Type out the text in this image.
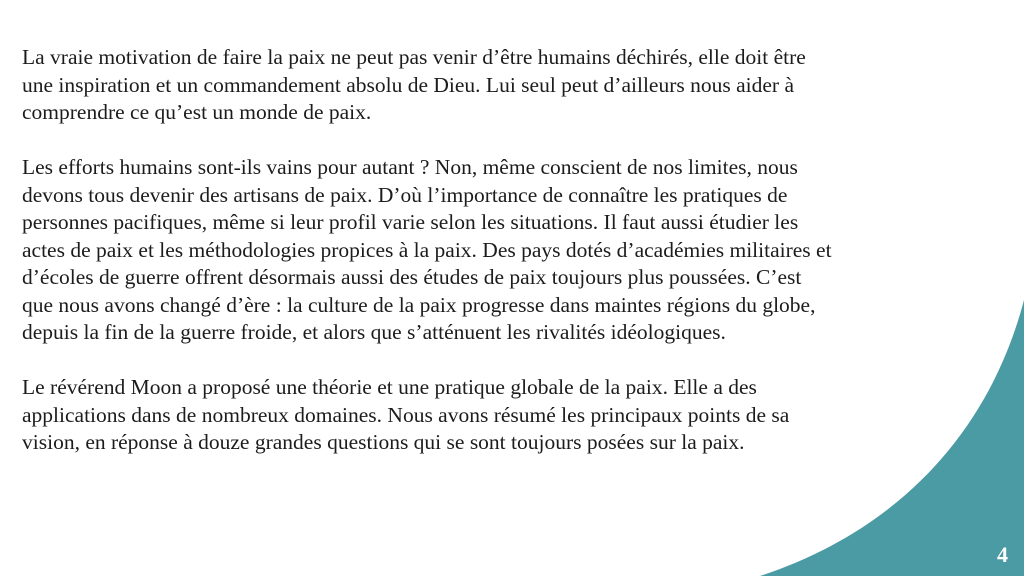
La vraie motivation de faire la paix ne peut pas venir d’être humains déchirés, elle doit être
une inspiration et un commandement absolu de Dieu. Lui seul peut d’ailleurs nous aider à
comprendre ce qu’est un monde de paix.

Les efforts humains sont-ils vains pour autant ? Non, même conscient de nos limites, nous
devons tous devenir des artisans de paix. D’où l’importance de connaître les pratiques de
personnes pacifiques, même si leur profil varie selon les situations. Il faut aussi étudier les
actes de paix et les méthodologies propices à la paix. Des pays dotés d’académies militaires et
d’écoles de guerre offrent désormais aussi des études de paix toujours plus poussées. C’est
que nous avons changé d’ère : la culture de la paix progresse dans maintes régions du globe,
depuis la fin de la guerre froide, et alors que s’atténuent les rivalités idéologiques.

Le révérend Moon a proposé une théorie et une pratique globale de la paix. Elle a des
applications dans de nombreux domaines. Nous avons résumé les principaux points de sa
vision, en réponse à douze grandes questions qui se sont toujours posées sur la paix.

4
